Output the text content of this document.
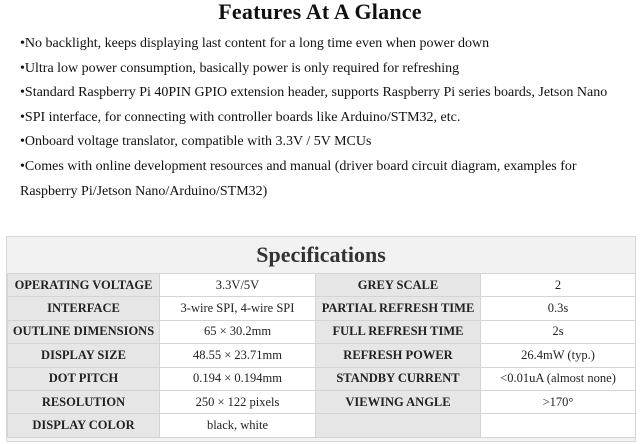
Features At A Glance

•No backlight, keeps displaying last content for a long time even when power down

•Ultra low power consumption, basically power is only required for refreshing

•Standard Raspberry Pi 40PIN GPIO extension header, supports Raspberry Pi series boards, Jetson Nano

•SPI interface, for connecting with controller boards like Arduino/STM32, etc.

•Onboard voltage translator, compatible with 3.3V / 5V MCUs

•Comes with online development resources and manual (driver board circuit diagram, examples for

Raspberry Pi/Jetson Nano/Arduino/STM32)

Specifications
OPERATING VOLTAGE	3.3V/5V	GREY SCALE	2
INTERFACE	3-wire SPI, 4-wire SPI	PARTIAL REFRESH TIME	0.3s
OUTLINE DIMENSIONS	65 × 30.2mm	FULL REFRESH TIME	2s
DISPLAY SIZE	48.55 × 23.71mm	REFRESH POWER	26.4mW (typ.)
DOT PITCH	0.194 × 0.194mm	STANDBY CURRENT	<0.01uA (almost none)
RESOLUTION	250 × 122 pixels	VIEWING ANGLE	>170°
DISPLAY COLOR	black, white		
